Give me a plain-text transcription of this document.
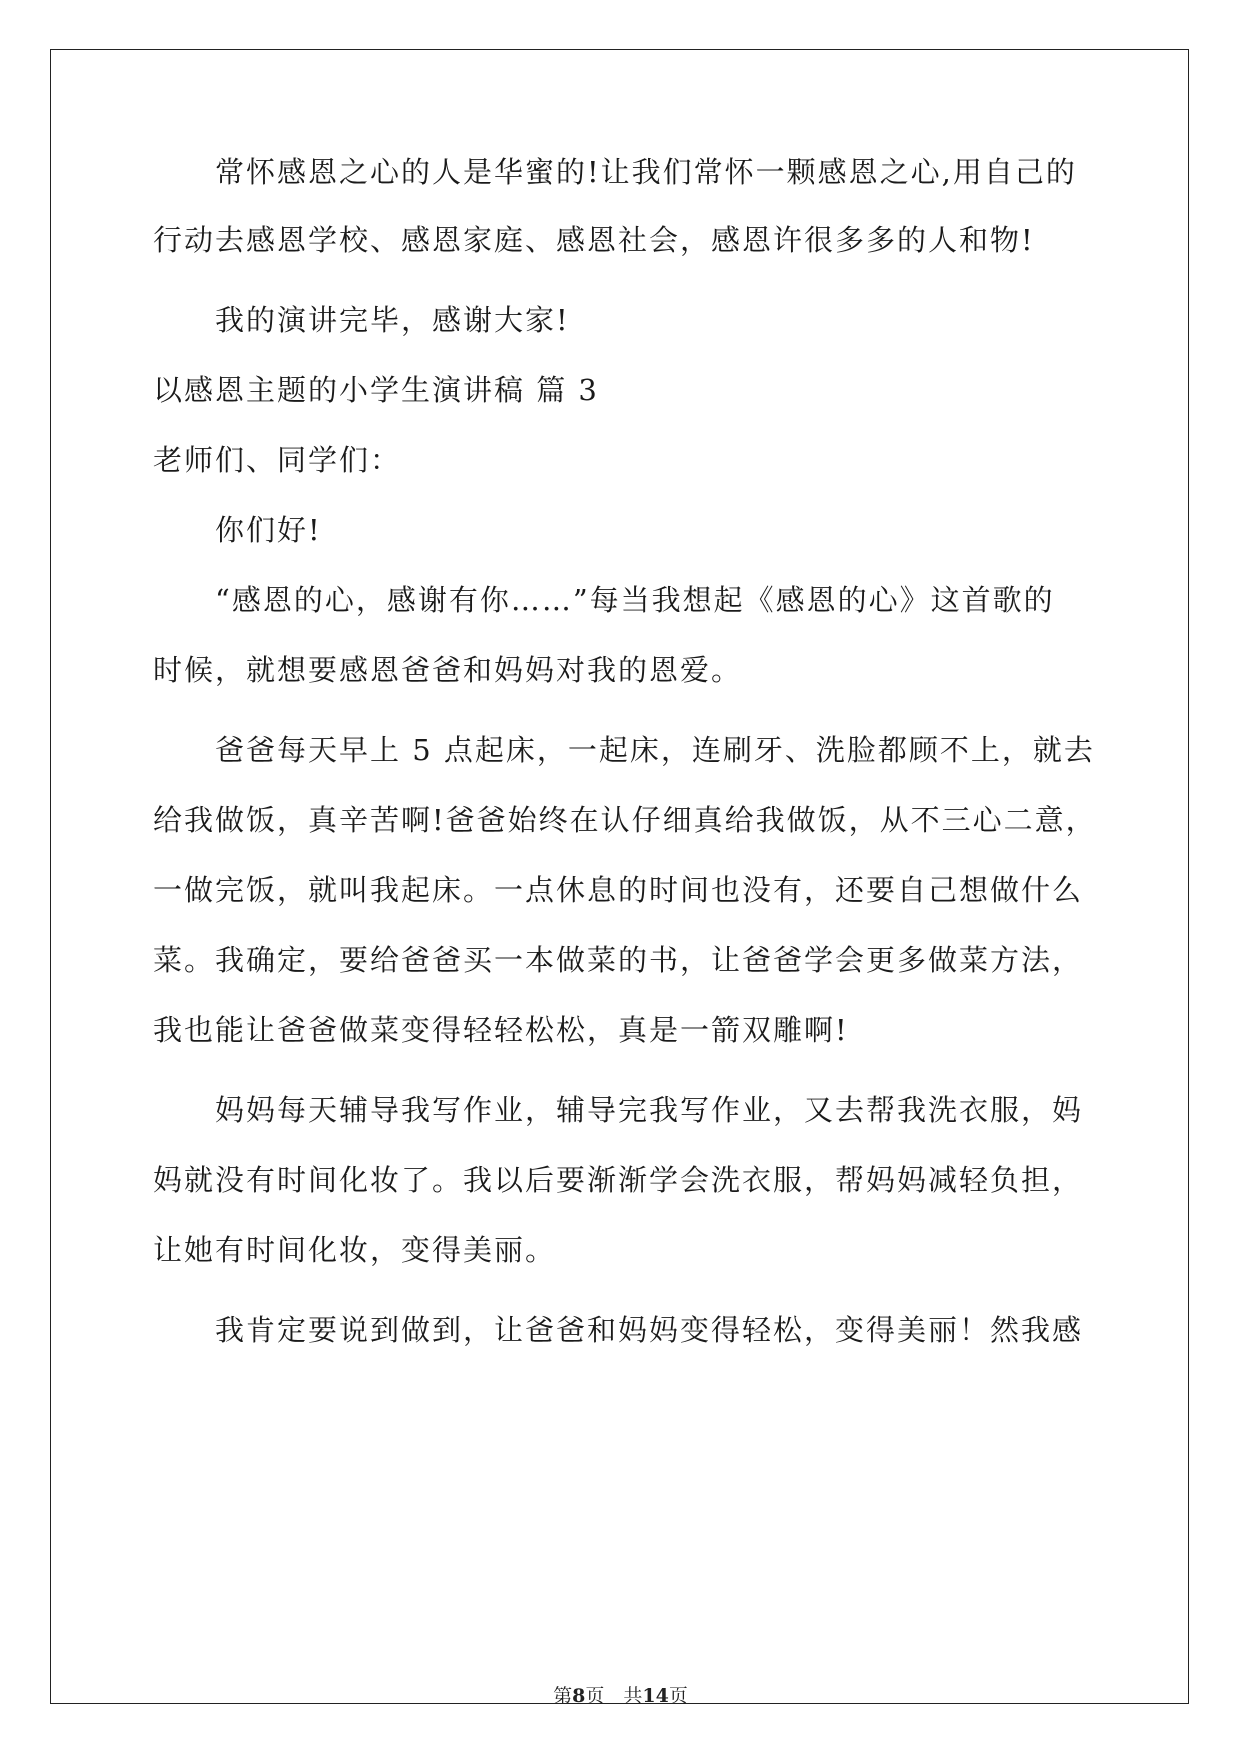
常怀感恩之心的人是华蜜的!让我们常怀一颗感恩之心,用自己的
行动去感恩学校、感恩家庭、感恩社会，感恩许很多多的人和物!
我的演讲完毕，感谢大家!
以感恩主题的小学生演讲稿 篇 3
老师们、同学们：
你们好!
“感恩的心，感谢有你……”每当我想起《感恩的心》这首歌的
时候，就想要感恩爸爸和妈妈对我的恩爱。
爸爸每天早上 5 点起床，一起床，连刷牙、洗脸都顾不上，就去
给我做饭，真辛苦啊!爸爸始终在认仔细真给我做饭，从不三心二意，
一做完饭，就叫我起床。一点休息的时间也没有，还要自己想做什么
菜。我确定，要给爸爸买一本做菜的书，让爸爸学会更多做菜方法，
我也能让爸爸做菜变得轻轻松松，真是一箭双雕啊!
妈妈每天辅导我写作业，辅导完我写作业，又去帮我洗衣服，妈
妈就没有时间化妆了。我以后要渐渐学会洗衣服，帮妈妈减轻负担，
让她有时间化妆，变得美丽。
我肯定要说到做到，让爸爸和妈妈变得轻松，变得美丽！然我感
第8页　共14页
